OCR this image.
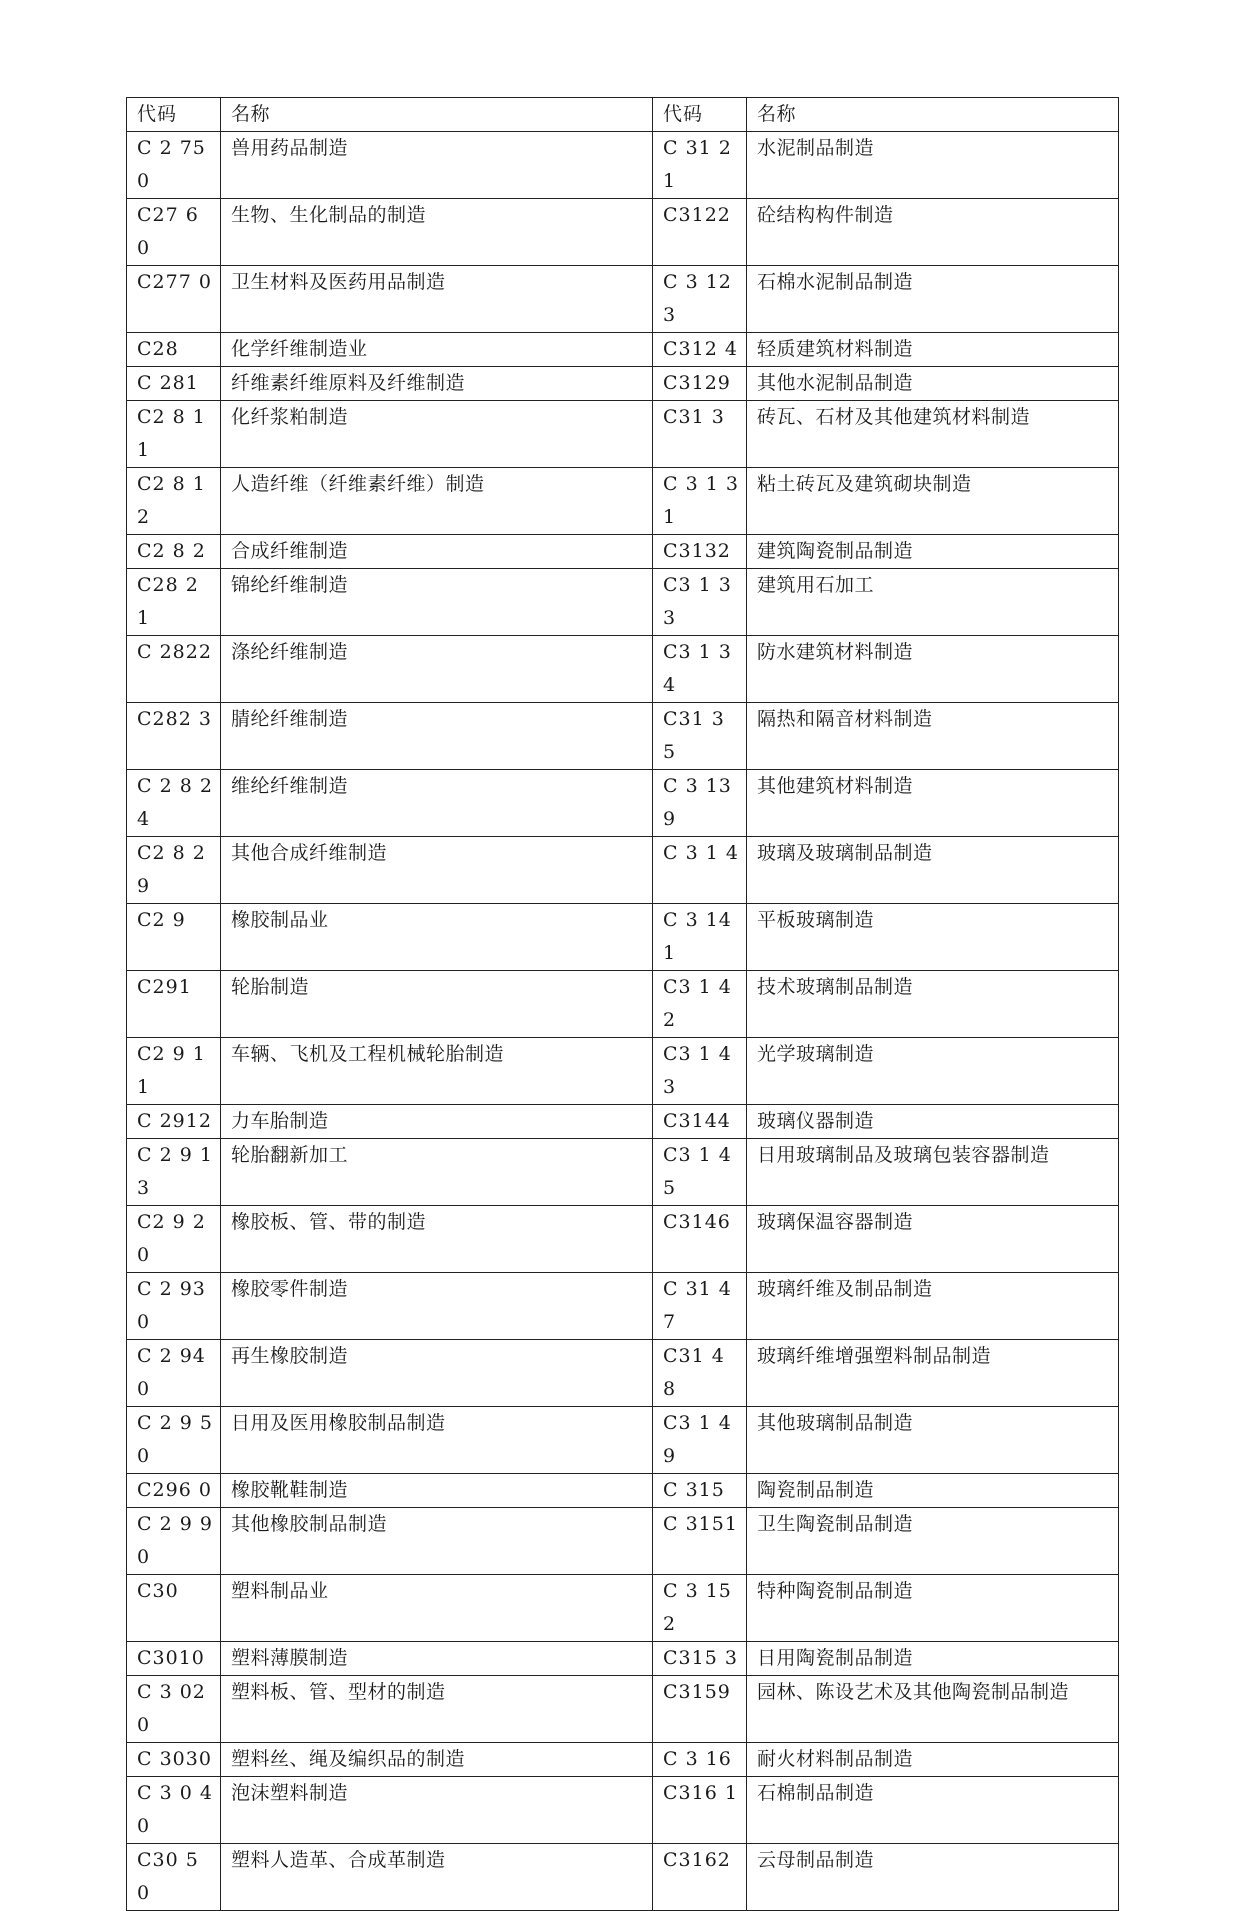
代码	名称	代码	名称
C 2 75 0	兽用药品制造	C 31 2 1	水泥制品制造
C27 6 0	生物、生化制品的制造	C3122	砼结构构件制造
C277 0	卫生材料及医药用品制造	C 3 123	石棉水泥制品制造
C28	化学纤维制造业	C312 4	轻质建筑材料制造
C 281	纤维素纤维原料及纤维制造	C3129	其他水泥制品制造
C2 8 11	化纤浆粕制造	C31 3	砖瓦、石材及其他建筑材料制造
C2 8 1 2	人造纤维（纤维素纤维）制造	C 3 1 31	粘土砖瓦及建筑砌块制造
C2 8 2	合成纤维制造	C3132	建筑陶瓷制品制造
C28 2 1	锦纶纤维制造	C3 1 3 3	建筑用石加工
C 2822	涤纶纤维制造	C3 1 3 4	防水建筑材料制造
C282 3	腈纶纤维制造	C31 3 5	隔热和隔音材料制造
C 2 8 2 4	维纶纤维制造	C 3 139	其他建筑材料制造
C2 8 29	其他合成纤维制造	C 3 1 4	玻璃及玻璃制品制造
C2 9	橡胶制品业	C 3 141	平板玻璃制造
C291	轮胎制造	C3 1 42	技术玻璃制品制造
C2 9 11	车辆、飞机及工程机械轮胎制造	C3 1 4 3	光学玻璃制造
C 2912	力车胎制造	C3144	玻璃仪器制造
C 2 9 1 3	轮胎翻新加工	C3 1 4 5	日用玻璃制品及玻璃包装容器制造
C2 9 20	橡胶板、管、带的制造	C3146	玻璃保温容器制造
C 2 93 0	橡胶零件制造	C 31 4 7	玻璃纤维及制品制造
C 2 940	再生橡胶制造	C31 4 8	玻璃纤维增强塑料制品制造
C 2 9 5 0	日用及医用橡胶制品制造	C3 1 49	其他玻璃制品制造
C296 0	橡胶靴鞋制造	C 315	陶瓷制品制造
C 2 9 90	其他橡胶制品制造	C 3151	卫生陶瓷制品制造
C30	塑料制品业	C 3 152	特种陶瓷制品制造
C3010	塑料薄膜制造	C315 3	日用陶瓷制品制造
C 3 020	塑料板、管、型材的制造	C3159	园林、陈设艺术及其他陶瓷制品制造
C 3030	塑料丝、绳及编织品的制造	C 3 16	耐火材料制品制造
C 3 0 4 0	泡沫塑料制造	C316 1	石棉制品制造
C30 5 0	塑料人造革、合成革制造	C3162	云母制品制造
